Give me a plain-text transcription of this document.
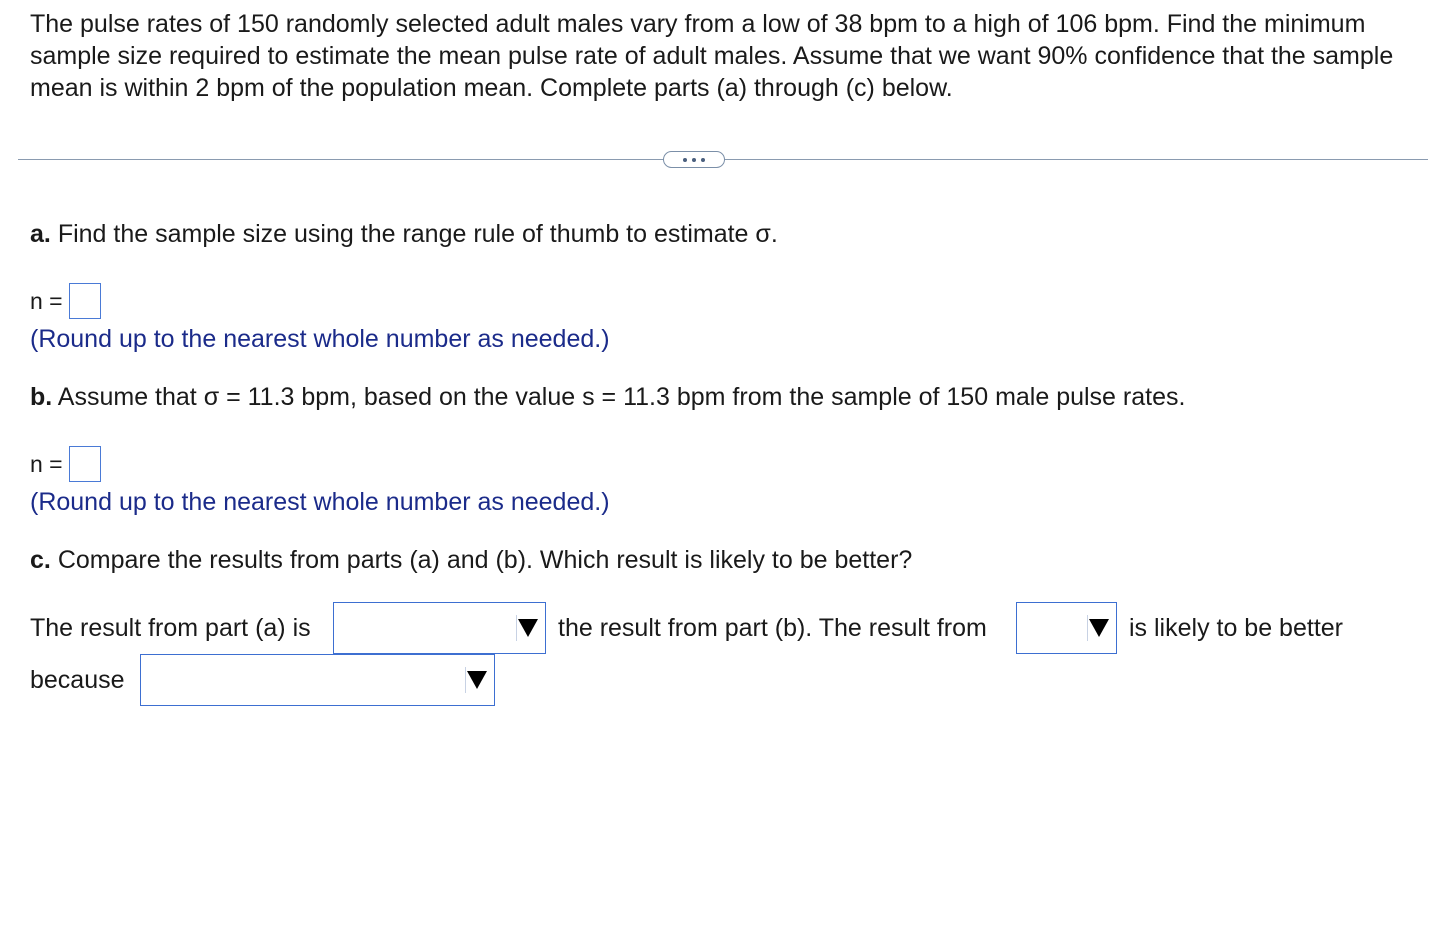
The pulse rates of 150 randomly selected adult males vary from a low of 38 bpm to a high of 106 bpm. Find the minimum sample size required to estimate the mean pulse rate of adult males. Assume that we want 90% confidence that the sample mean is within 2 bpm of the population mean. Complete parts (a) through (c) below.
a. Find the sample size using the range rule of thumb to estimate σ.
n =
(Round up to the nearest whole number as needed.)
b. Assume that σ = 11.3 bpm, based on the value s = 11.3 bpm from the sample of 150 male pulse rates.
n =
(Round up to the nearest whole number as needed.)
c. Compare the results from parts (a) and (b). Which result is likely to be better?
The result from part (a) is	the result from part (b). The result from	is likely to be better
because
